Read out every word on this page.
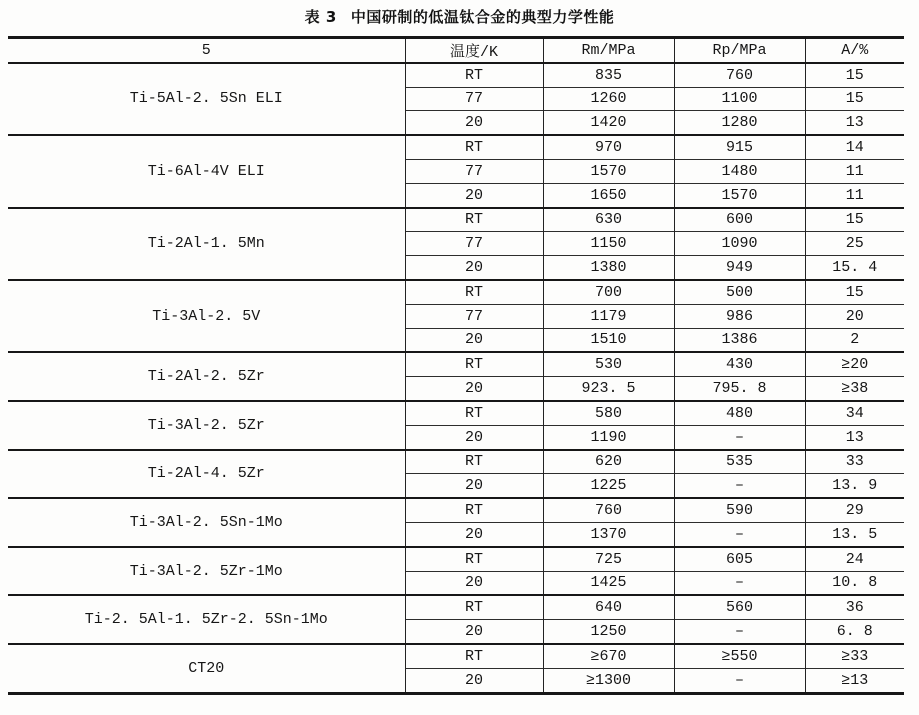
表 3 中国研制的低温钛合金的典型力学性能
5	温度/K	Rm/MPa	Rp/MPa	A/%
Ti-5Al-2. 5Sn ELI	RT	835	760	15
	77	1260	1100	15
	20	1420	1280	13
Ti-6Al-4V ELI	RT	970	915	14
	77	1570	1480	11
	20	1650	1570	11
Ti-2Al-1. 5Mn	RT	630	600	15
	77	1150	1090	25
	20	1380	949	15. 4
Ti-3Al-2. 5V	RT	700	500	15
	77	1179	986	20
	20	1510	1386	2
Ti-2Al-2. 5Zr	RT	530	430	≥20
	20	923. 5	795. 8	≥38
Ti-3Al-2. 5Zr	RT	580	480	34
	20	1190	–	13
Ti-2Al-4. 5Zr	RT	620	535	33
	20	1225	–	13. 9
Ti-3Al-2. 5Sn-1Mo	RT	760	590	29
	20	1370	–	13. 5
Ti-3Al-2. 5Zr-1Mo	RT	725	605	24
	20	1425	–	10. 8
Ti-2. 5Al-1. 5Zr-2. 5Sn-1Mo	RT	640	560	36
	20	1250	–	6. 8
CT20	RT	≥670	≥550	≥33
	20	≥1300	–	≥13
